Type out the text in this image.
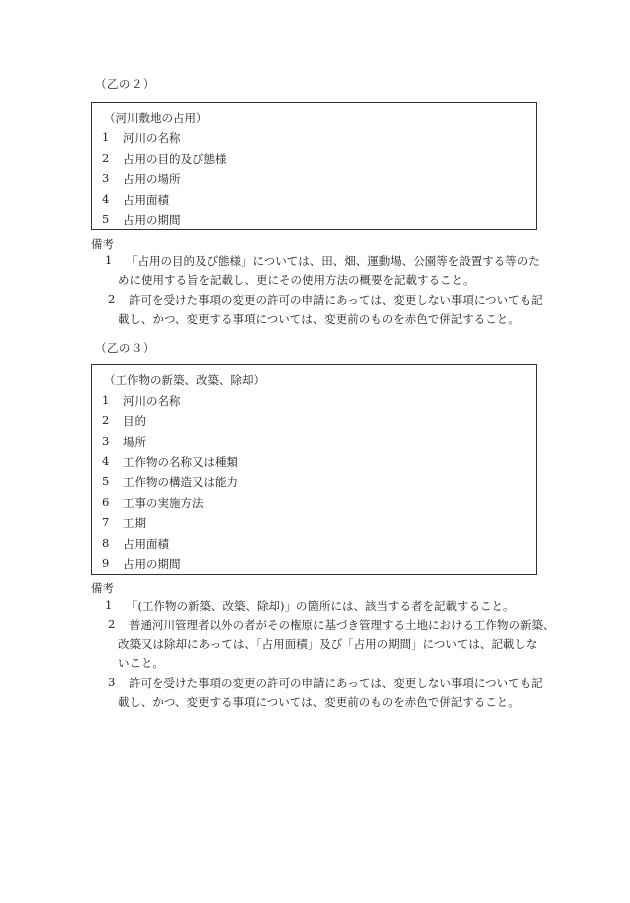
（乙の２）
（河川敷地の占用）
1	河川の名称
2	占用の目的及び態様
3	占用の場所
4	占用面積
5	占用の期間
備考
1 「占用の目的及び態様」については、田、畑、運動場、公園等を設置する等のた
めに使用する旨を記載し、更にその使用方法の概要を記載すること。
2 許可を受けた事項の変更の許可の申請にあっては、変更しない事項についても記
載し、かつ、変更する事項については、変更前のものを赤色で併記すること。
（乙の３）
（工作物の新築、改築、除却）
1	河川の名称
2	目的
3	場所
4	工作物の名称又は種類
5	工作物の構造又は能力
6	工事の実施方法
7	工期
8	占用面積
9	占用の期間
備考
1 「(工作物の新築、改築、除却)」の箇所には、該当する者を記載すること。
2 普通河川管理者以外の者がその権原に基づき管理する土地における工作物の新築、
改築又は除却にあっては、「占用面積」及び「占用の期間」については、記載しな
いこと。
3 許可を受けた事項の変更の許可の申請にあっては、変更しない事項についても記
載し、かつ、変更する事項については、変更前のものを赤色で併記すること。
